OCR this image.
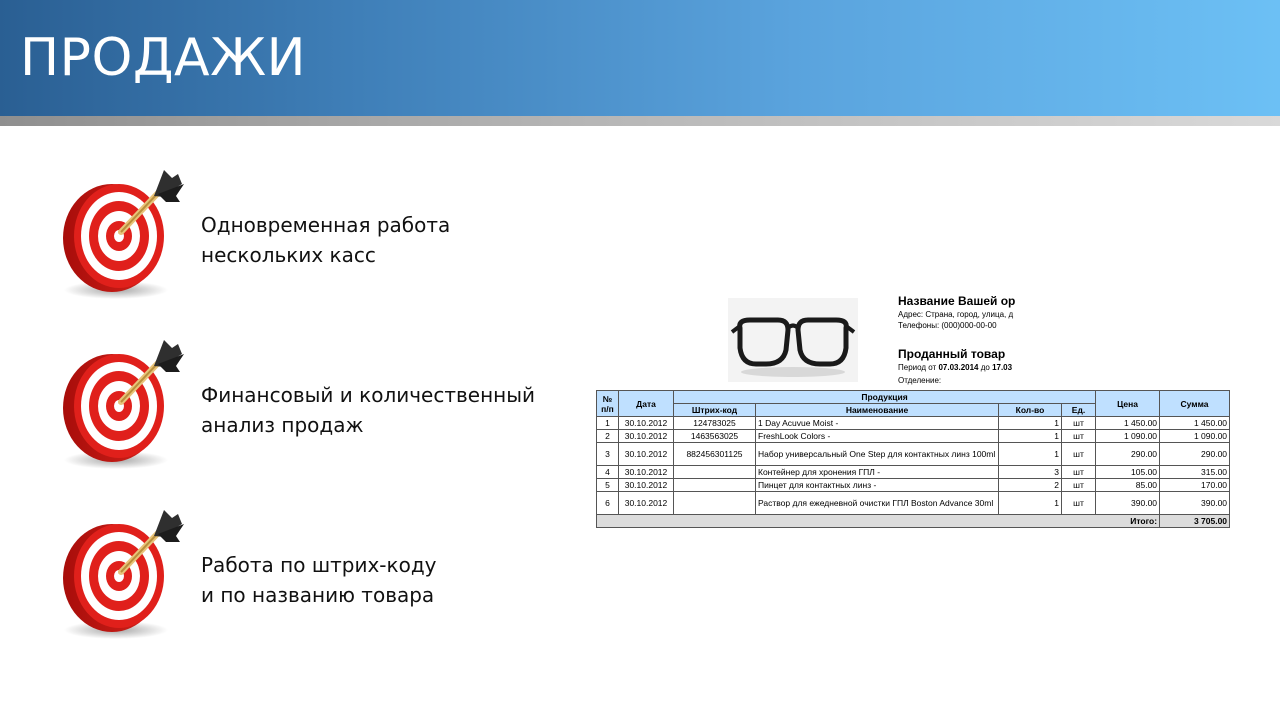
ПРОДАЖИ
Одновременная работа
нескольких касс
Финансовый и количественный
анализ продаж
Работа по штрих-коду
и по названию товара
Название Вашей ор
Адрес: Страна, город, улица, д
Телефоны: (000)000-00-00
Проданный товар
Период от 07.03.2014 до 17.03
Отделение:
№ п/п	Дата	Продукция				Цена	Сумма
		Штрих-код	Наименование	Кол-во	Ед.		
1	30.10.2012	124783025	1 Day Acuvue Moist -	1	шт	1 450.00	1 450.00
2	30.10.2012	1463563025	FreshLook Colors -	1	шт	1 090.00	1 090.00
3	30.10.2012	882456301125	Набор универсальный One Step для контактных линз 100ml	1	шт	290.00	290.00
4	30.10.2012		Контейнер для хронения ГПЛ -	3	шт	105.00	315.00
5	30.10.2012		Пинцет для контактных линз -	2	шт	85.00	170.00
6	30.10.2012		Раствор для ежедневной очистки ГПЛ Boston Advance 30ml	1	шт	390.00	390.00
Итого:							3 705.00
